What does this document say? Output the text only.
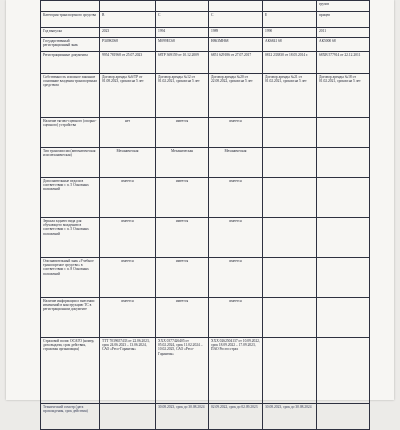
					грузов
Категория транспортного средства	B	C	C	E	прицеп
Год выпуска	2023	1994	1989	1990	2011
Государственный регистрационный знак	Р349КО68	М099ЕС68	Н863МН68	АК6841 68	АК5000 68
Регистрационные документы	9954 781968 от 25.07.2023	68ТР 369159 от 10.12.2009	6851 629186 от 27.07.2017	0812 233830 от 18.05.2014 г.	68ХВ 577914 от 22.12.2011
Собственность или иное законное основание владения транспортным средством	Договор аренды №6/ТР от 01.08.2023, сроком на 5 лет	Договор аренды №12 от 01.02.2021, сроком на 5 лет	Договор аренды №20 от 22.08.2022, сроком на 5 лет	Договор аренды №21 от 01.02.2021, сроком на 5 лет	Договор аренды №18 от 01.02.2021, сроком на 5 лет
Наличие тягово-сцепного (опорно-сцепного) устройства	нет	имеется	имеется		
Тип трансмиссии (автоматическая или механическая)	Механическая	Механическая	Механическая		
Дополнительные педали в соответствии с п. 5 Основных положений	имеется	имеется	имеется		
Зеркала заднего вида для обучающего вождению в соответствии с п. 5 Основных положений	имеется	имеется	имеется		
Опознавательный знак «Учебное транспортное средство» в соответствии с п. 8 Основных положений	имеется	имеется	имеется		
Наличие информации о внесении изменений в конструкцию ТС в регистрационном документе	имеется	имеется	имеется		
Страховой полис ОСАГО (номер, дата выдачи, срок действия, страховая организация)	ТТТ 7039657433 от 22.06.2023, срок 24.06.2023 – 13.06.2024, САО «Ресо-Гарантия»	ХХХ 0377426405 от 05.02.2024, срок 11.02.2024 – 10.02.2025, САО «Ресо-Гарантия»	ХХХ 0262504137 от 10.09.2022, срок 18.09.2022 – 17.09.2023, ПАО Росгосстрах		
Технический осмотр (дата прохождения, срок действия)		30.08.2023, срок до 30.08.2024	02.09.2022, срок до 02.09.2023	30.08.2023, срок до 30.08.2024	
